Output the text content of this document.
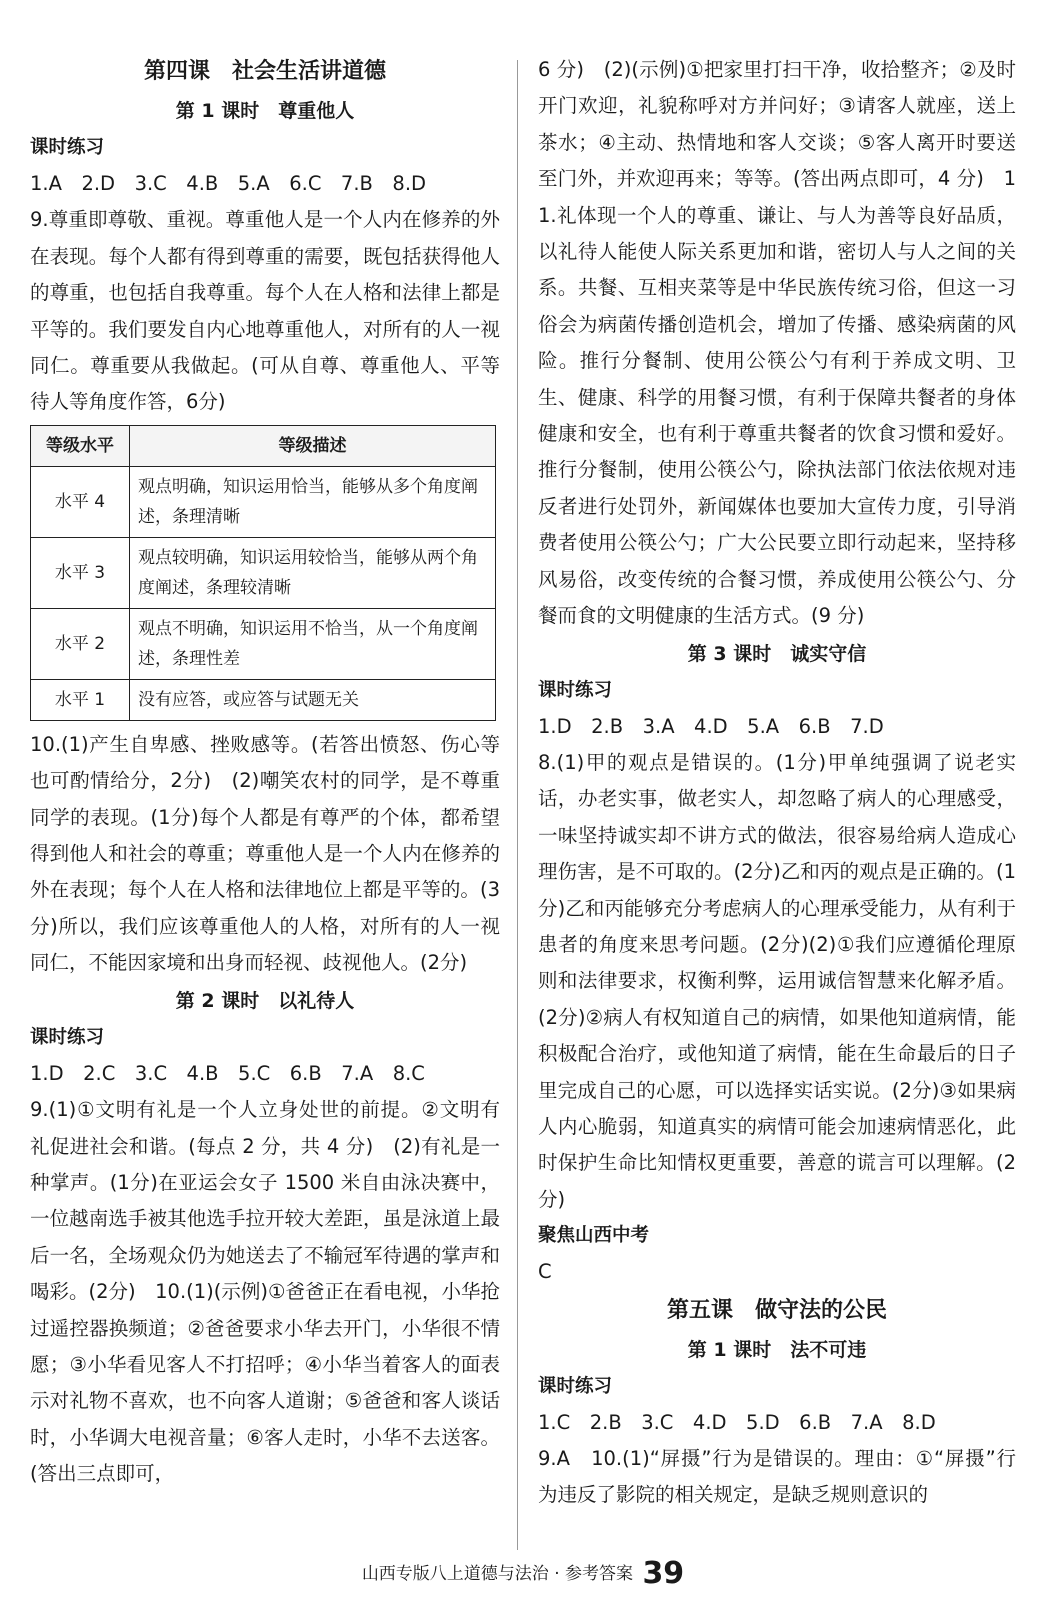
第四课　社会生活讲道德
第 1 课时　尊重他人
课时练习

1.A　2.D　3.C　4.B　5.A　6.C　7.B　8.D

9.尊重即尊敬、重视。尊重他人是一个人内在修养的外在表现。每个人都有得到尊重的需要，既包括获得他人的尊重，也包括自我尊重。每个人在人格和法律上都是平等的。我们要发自内心地尊重他人，对所有的人一视同仁。尊重要从我做起。(可从自尊、尊重他人、平等待人等角度作答，6分)

等级水平	等级描述
水平 4	观点明确，知识运用恰当，能够从多个角度阐述，条理清晰
水平 3	观点较明确，知识运用较恰当，能够从两个角度阐述，条理较清晰
水平 2	观点不明确，知识运用不恰当，从一个角度阐述，条理性差
水平 1	没有应答，或应答与试题无关

10.(1)产生自卑感、挫败感等。(若答出愤怒、伤心等也可酌情给分，2分)　(2)嘲笑农村的同学，是不尊重同学的表现。(1分)每个人都是有尊严的个体，都希望得到他人和社会的尊重；尊重他人是一个人内在修养的外在表现；每个人在人格和法律地位上都是平等的。(3分)所以，我们应该尊重他人的人格，对所有的人一视同仁，不能因家境和出身而轻视、歧视他人。(2分)

第 2 课时　以礼待人
课时练习

1.D　2.C　3.C　4.B　5.C　6.B　7.A　8.C

9.(1)①文明有礼是一个人立身处世的前提。②文明有礼促进社会和谐。(每点 2 分，共 4 分)　(2)有礼是一种掌声。(1分)在亚运会女子 1500 米自由泳决赛中，一位越南选手被其他选手拉开较大差距，虽是泳道上最后一名，全场观众仍为她送去了不输冠军待遇的掌声和喝彩。(2分)　10.(1)(示例)①爸爸正在看电视，小华抢过遥控器换频道；②爸爸要求小华去开门，小华很不情愿；③小华看见客人不打招呼；④小华当着客人的面表示对礼物不喜欢，也不向客人道谢；⑤爸爸和客人谈话时，小华调大电视音量；⑥客人走时，小华不去送客。(答出三点即可，

6 分)　(2)(示例)①把家里打扫干净，收拾整齐；②及时开门欢迎，礼貌称呼对方并问好；③请客人就座，送上茶水；④主动、热情地和客人交谈；⑤客人离开时要送至门外，并欢迎再来；等等。(答出两点即可，4 分)　11.礼体现一个人的尊重、谦让、与人为善等良好品质，以礼待人能使人际关系更加和谐，密切人与人之间的关系。共餐、互相夹菜等是中华民族传统习俗，但这一习俗会为病菌传播创造机会，增加了传播、感染病菌的风险。推行分餐制、使用公筷公勺有利于养成文明、卫生、健康、科学的用餐习惯，有利于保障共餐者的身体健康和安全，也有利于尊重共餐者的饮食习惯和爱好。推行分餐制，使用公筷公勺，除执法部门依法依规对违反者进行处罚外，新闻媒体也要加大宣传力度，引导消费者使用公筷公勺；广大公民要立即行动起来，坚持移风易俗，改变传统的合餐习惯，养成使用公筷公勺、分餐而食的文明健康的生活方式。(9 分)

第 3 课时　诚实守信
课时练习

1.D　2.B　3.A　4.D　5.A　6.B　7.D

8.(1)甲的观点是错误的。(1分)甲单纯强调了说老实话，办老实事，做老实人，却忽略了病人的心理感受，一味坚持诚实却不讲方式的做法，很容易给病人造成心理伤害，是不可取的。(2分)乙和丙的观点是正确的。(1分)乙和丙能够充分考虑病人的心理承受能力，从有利于患者的角度来思考问题。(2分)(2)①我们应遵循伦理原则和法律要求，权衡利弊，运用诚信智慧来化解矛盾。(2分)②病人有权知道自己的病情，如果他知道病情，能积极配合治疗，或他知道了病情，能在生命最后的日子里完成自己的心愿，可以选择实话实说。(2分)③如果病人内心脆弱，知道真实的病情可能会加速病情恶化，此时保护生命比知情权更重要，善意的谎言可以理解。(2分)

聚焦山西中考

C

第五课　做守法的公民
第 1 课时　法不可违
课时练习

1.C　2.B　3.C　4.D　5.D　6.B　7.A　8.D

9.A　10.(1)“屏摄”行为是错误的。理由：①“屏摄”行为违反了影院的相关规定，是缺乏规则意识的

山西专版八上道德与法治 · 参考答案 39
